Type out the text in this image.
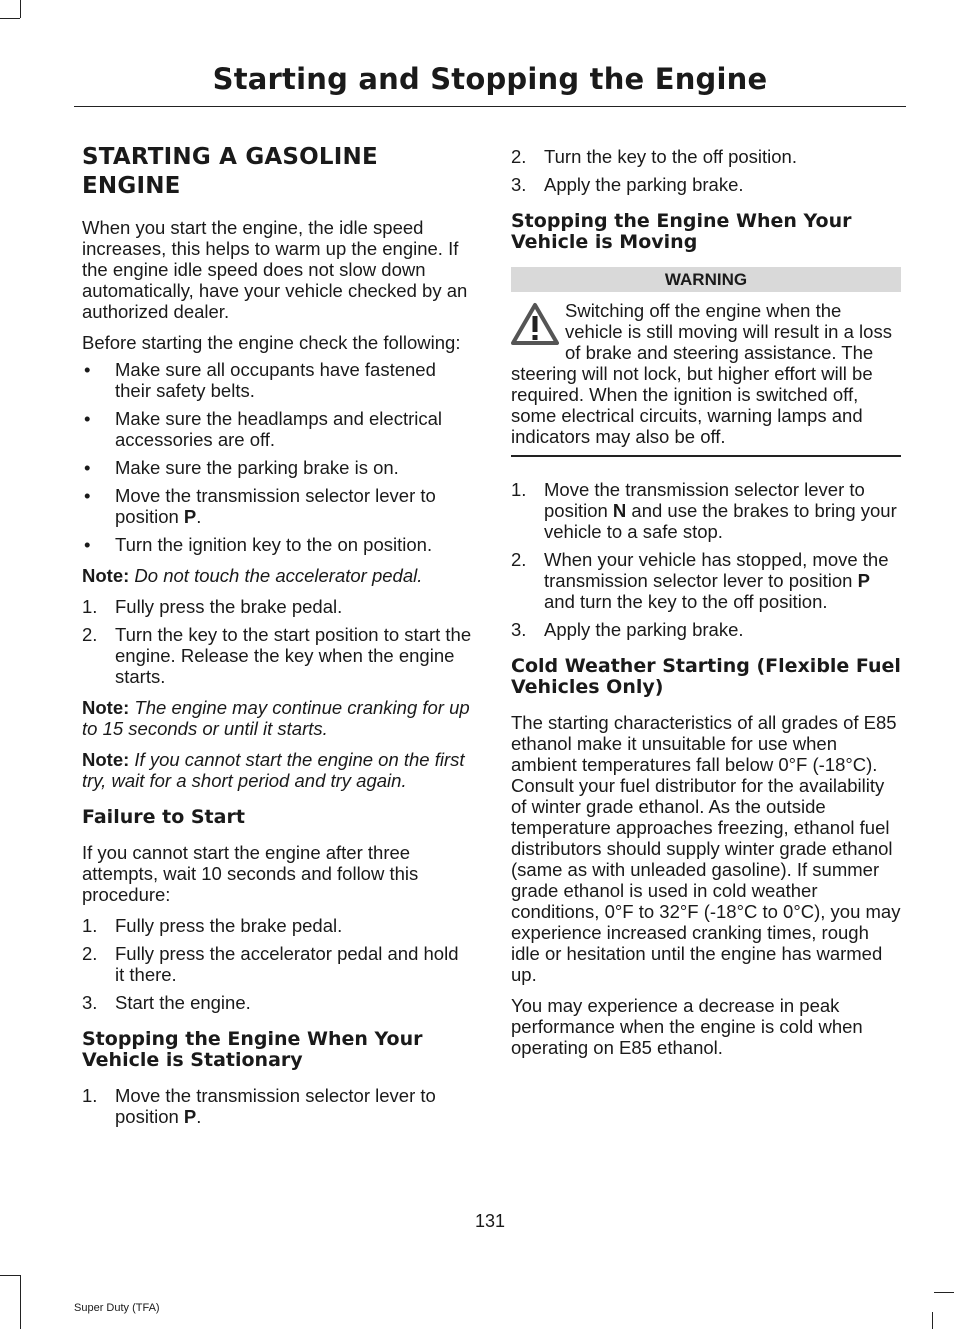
Starting and Stopping the Engine
STARTING A GASOLINE ENGINE

When you start the engine, the idle speed increases, this helps to warm up the engine. If the engine idle speed does not slow down automatically, have your vehicle checked by an authorized dealer.

Before starting the engine check the following:

• Make sure all occupants have fastened their safety belts.
• Make sure the headlamps and electrical accessories are off.
• Make sure the parking brake is on.
• Move the transmission selector lever to position P.
• Turn the ignition key to the on position.

Note: Do not touch the accelerator pedal.

1. Fully press the brake pedal.
2. Turn the key to the start position to start the engine. Release the key when the engine starts.

Note: The engine may continue cranking for up to 15 seconds or until it starts.

Note: If you cannot start the engine on the first try, wait for a short period and try again.

Failure to Start

If you cannot start the engine after three attempts, wait 10 seconds and follow this procedure:

1. Fully press the brake pedal.
2. Fully press the accelerator pedal and hold it there.
3. Start the engine.
Stopping the Engine When Your Vehicle is Stationary
1. Move the transmission selector lever to position P.
2. Turn the key to the off position.
3. Apply the parking brake.
Stopping the Engine When Your Vehicle is Moving
WARNING
Switching off the engine when the vehicle is still moving will result in a loss of brake and steering assistance. The steering will not lock, but higher effort will be required. When the ignition is switched off, some electrical circuits, warning lamps and indicators may also be off.
1. Move the transmission selector lever to position N and use the brakes to bring your vehicle to a safe stop.
2. When your vehicle has stopped, move the transmission selector lever to position P and turn the key to the off position.
3. Apply the parking brake.
Cold Weather Starting (Flexible Fuel Vehicles Only)

The starting characteristics of all grades of E85 ethanol make it unsuitable for use when ambient temperatures fall below 0°F (-18°C). Consult your fuel distributor for the availability of winter grade ethanol. As the outside temperature approaches freezing, ethanol fuel distributors should supply winter grade ethanol (same as with unleaded gasoline). If summer grade ethanol is used in cold weather conditions, 0°F to 32°F (-18°C to 0°C), you may experience increased cranking times, rough idle or hesitation until the engine has warmed up.

You may experience a decrease in peak performance when the engine is cold when operating on E85 ethanol.

131
Super Duty (TFA)
